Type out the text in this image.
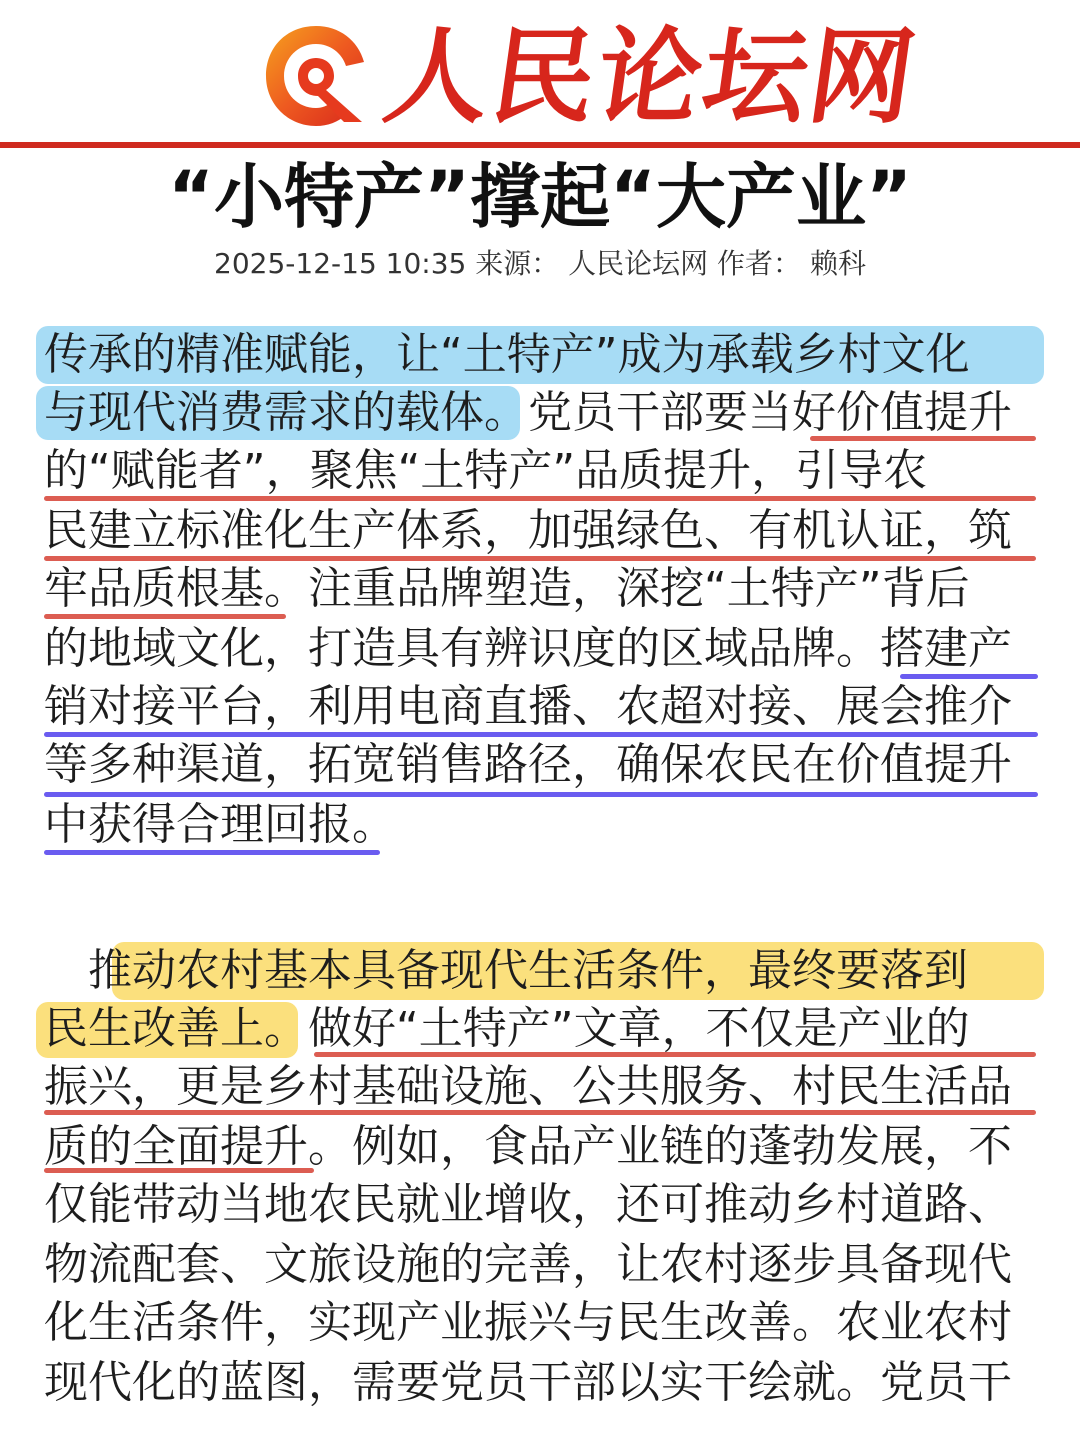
人民论坛网
“小特产”撑起“大产业”
2025-12-15 10:35 来源： 人民论坛网 作者： 赖科
传承的精准赋能，让“土特产”成为承载乡村文化
与现代消费需求的载体。党员干部要当好价值提升
的“赋能者”，聚焦“土特产”品质提升，引导农
民建立标准化生产体系，加强绿色、有机认证，筑
牢品质根基。注重品牌塑造，深挖“土特产”背后
的地域文化，打造具有辨识度的区域品牌。搭建产
销对接平台，利用电商直播、农超对接、展会推介
等多种渠道，拓宽销售路径，确保农民在价值提升
中获得合理回报。
　推动农村基本具备现代生活条件，最终要落到
民生改善上。做好“土特产”文章，不仅是产业的
振兴，更是乡村基础设施、公共服务、村民生活品
质的全面提升。例如，食品产业链的蓬勃发展，不
仅能带动当地农民就业增收，还可推动乡村道路、
物流配套、文旅设施的完善，让农村逐步具备现代
化生活条件，实现产业振兴与民生改善。农业农村
现代化的蓝图，需要党员干部以实干绘就。党员干
